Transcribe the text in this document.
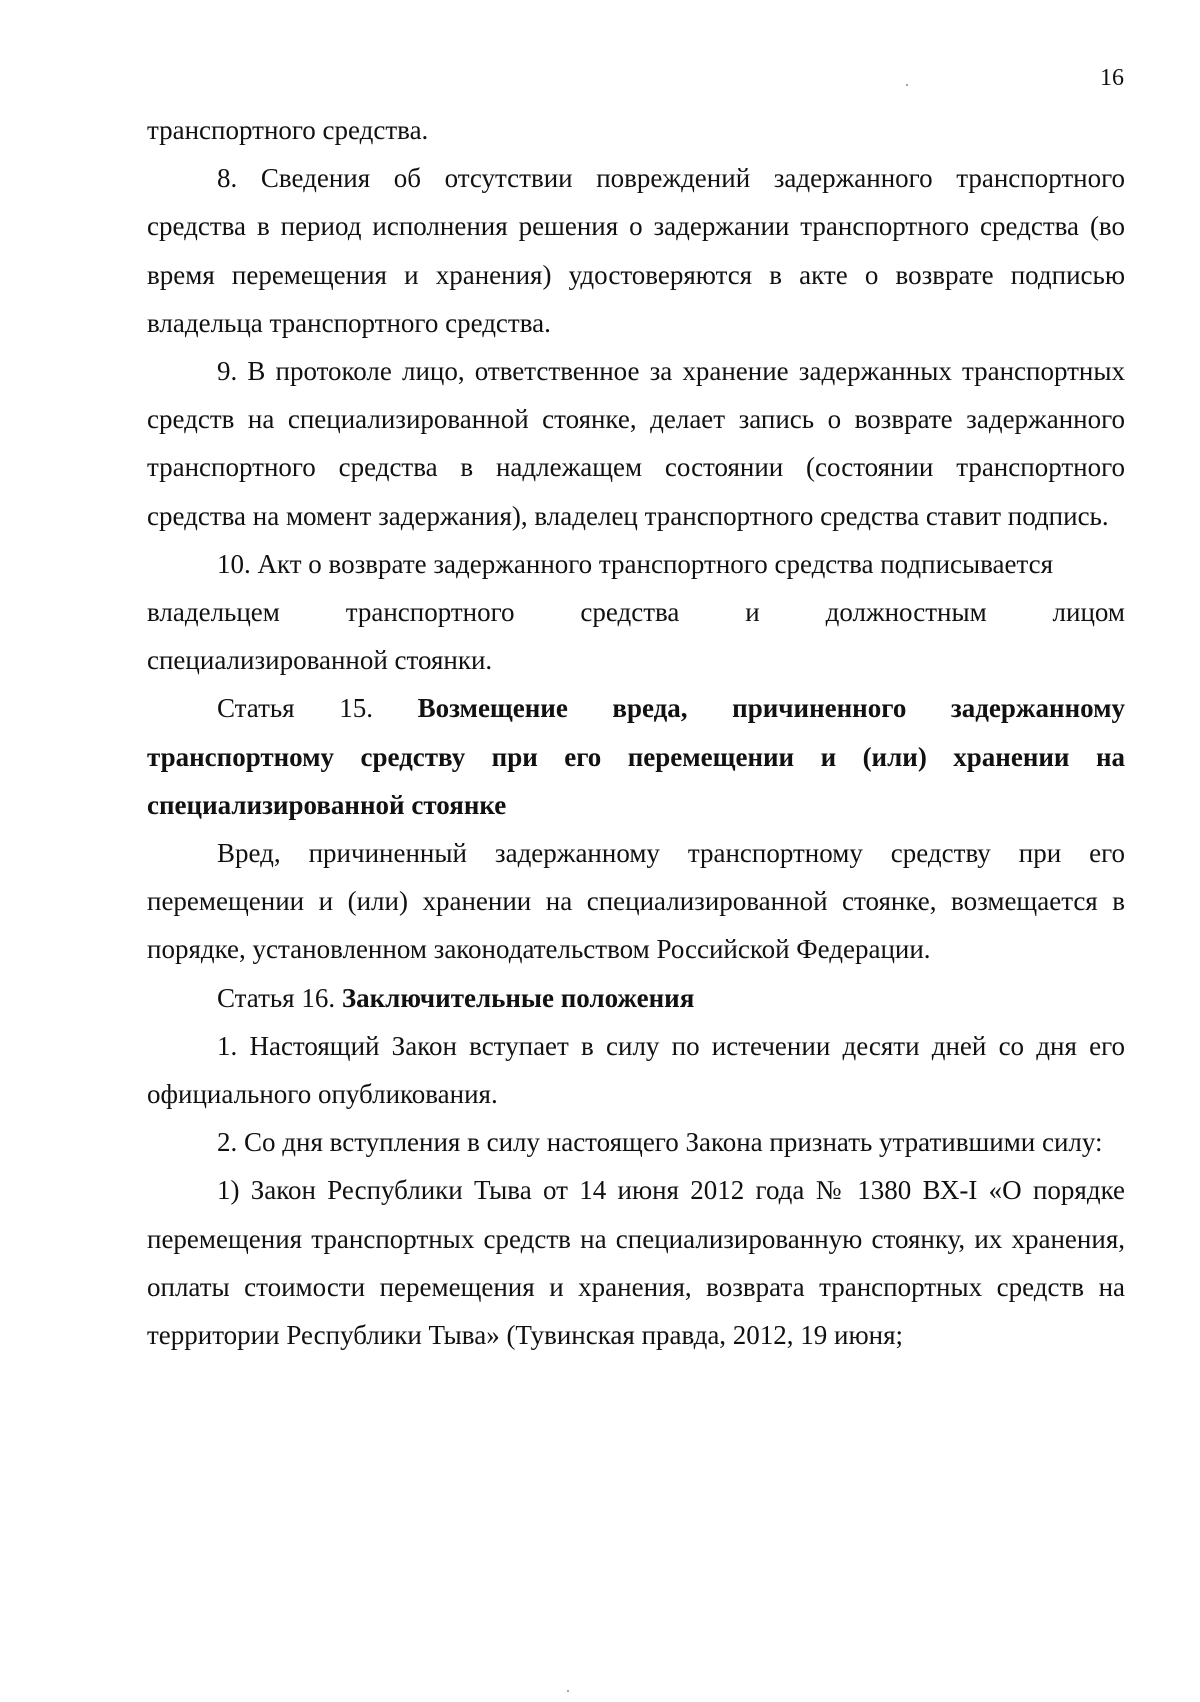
16

транспортного средства.

8. Сведения об отсутствии повреждений задержанного транспортного средства в период исполнения решения о задержании транспортного средства (во время перемещения и хранения) удостоверяются в акте о возврате подписью владельца транспортного средства.

9. В протоколе лицо, ответственное за хранение задержанных транспортных средств на специализированной стоянке, делает запись о возврате задержанного транспортного средства в надлежащем состоянии (состоянии транспортного средства на момент задержания), владелец транспортного средства ставит подпись.

10. Акт о возврате задержанного транспортного средства подписывается

владельцем транспортного средства и должностным лицом

специализированной стоянки.

Статья 15. Возмещение вреда, причиненного задержанному транспортному средству при его перемещении и (или) хранении на специализированной стоянке

Вред, причиненный задержанному транспортному средству при его перемещении и (или) хранении на специализированной стоянке, возмещается в порядке, установленном законодательством Российской Федерации.

Статья 16. Заключительные положения

1. Настоящий Закон вступает в силу по истечении десяти дней со дня его официального опубликования.

2. Со дня вступления в силу настоящего Закона признать утратившими силу:

1) Закон Республики Тыва от 14 июня 2012 года № 1380 ВХ-I «О порядке перемещения транспортных средств на специализированную стоянку, их хранения, оплаты стоимости перемещения и хранения, возврата транспортных средств на территории Республики Тыва» (Тувинская правда, 2012, 19 июня;
